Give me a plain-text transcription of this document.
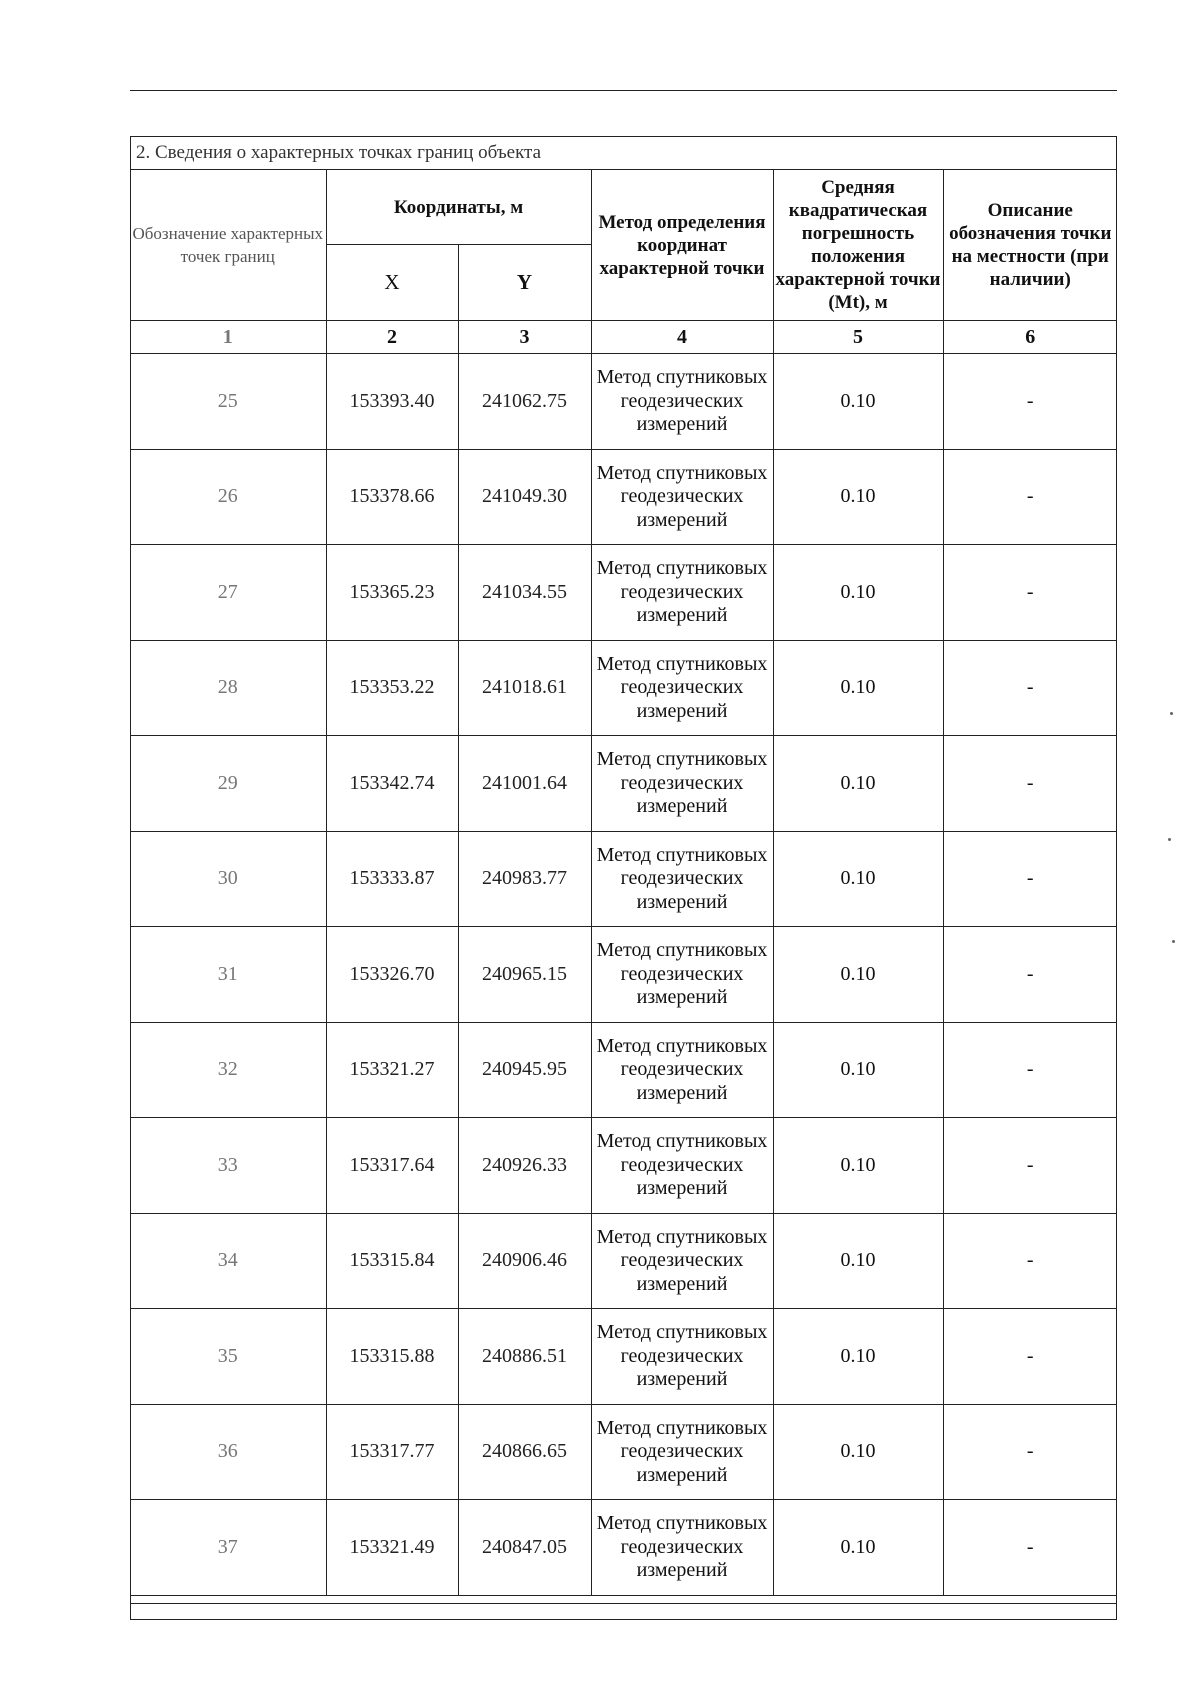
2. Сведения о характерных точках границ объекта
Обозначение характерных точек границ	Координаты, м		Метод определения координат характерной точки	Средняя квадратическая погрешность положения характерной точки (Mt), м	Описание обозначения точки на местности (при наличии)
	X	Y			
1	2	3	4	5	6
25	153393.40	241062.75	Метод спутниковых геодезических измерений	0.10	-
26	153378.66	241049.30	Метод спутниковых геодезических измерений	0.10	-
27	153365.23	241034.55	Метод спутниковых геодезических измерений	0.10	-
28	153353.22	241018.61	Метод спутниковых геодезических измерений	0.10	-
29	153342.74	241001.64	Метод спутниковых геодезических измерений	0.10	-
30	153333.87	240983.77	Метод спутниковых геодезических измерений	0.10	-
31	153326.70	240965.15	Метод спутниковых геодезических измерений	0.10	-
32	153321.27	240945.95	Метод спутниковых геодезических измерений	0.10	-
33	153317.64	240926.33	Метод спутниковых геодезических измерений	0.10	-
34	153315.84	240906.46	Метод спутниковых геодезических измерений	0.10	-
35	153315.88	240886.51	Метод спутниковых геодезических измерений	0.10	-
36	153317.77	240866.65	Метод спутниковых геодезических измерений	0.10	-
37	153321.49	240847.05	Метод спутниковых геодезических измерений	0.10	-
